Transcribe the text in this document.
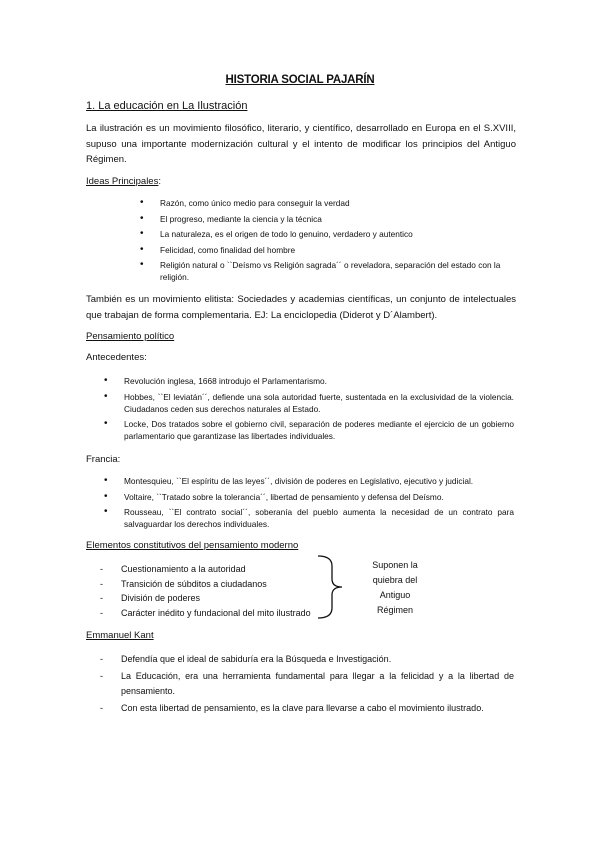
HISTORIA SOCIAL PAJARÍN
1. La educación en La Ilustración
La ilustración es un movimiento filosófico, literario, y científico, desarrollado en Europa en el S.XVIII, supuso una importante modernización cultural y el intento de modificar los principios del Antiguo Régimen.
Ideas Principales:
• Razón, como único medio para conseguir la verdad
• El progreso, mediante la ciencia y la técnica
• La naturaleza, es el origen de todo lo genuino, verdadero y autentico
• Felicidad, como finalidad del hombre
• Religión natural o ``Deísmo vs Religión sagrada´´ o reveladora, separación del estado con la religión.
También es un movimiento elitista: Sociedades y academias científicas, un conjunto de intelectuales que trabajan de forma complementaria. EJ: La enciclopedia (Diderot y D´Alambert).
Pensamiento político
Antecedentes:
• Revolución inglesa, 1668 introdujo el Parlamentarismo.
• Hobbes, ``El leviatán´´, defiende una sola autoridad fuerte, sustentada en la exclusividad de la violencia. Ciudadanos ceden sus derechos naturales al Estado.
• Locke, Dos tratados sobre el gobierno civil, separación de poderes mediante el ejercicio de un gobierno parlamentario que garantizase las libertades individuales.
Francia:
• Montesquieu, ``El espíritu de las leyes´´, división de poderes en Legislativo, ejecutivo y judicial.
• Voltaire, ``Tratado sobre la tolerancia´´, libertad de pensamiento y defensa del Deísmo.
• Rousseau, ``El contrato social´´, soberanía del pueblo aumenta la necesidad de un contrato para salvaguardar los derechos individuales.
Elementos constitutivos del pensamiento moderno
- Cuestionamiento a la autoridad
- Transición de súbditos a ciudadanos
- División de poderes
- Carácter inédito y fundacional del mito ilustrado
Suponen la quiebra del Antiguo Régimen
Emmanuel Kant
- Defendía que el ideal de sabiduría era la Búsqueda e Investigación.
- La Educación, era una herramienta fundamental para llegar a la felicidad y a la libertad de pensamiento.
- Con esta libertad de pensamiento, es la clave para llevarse a cabo el movimiento ilustrado.
